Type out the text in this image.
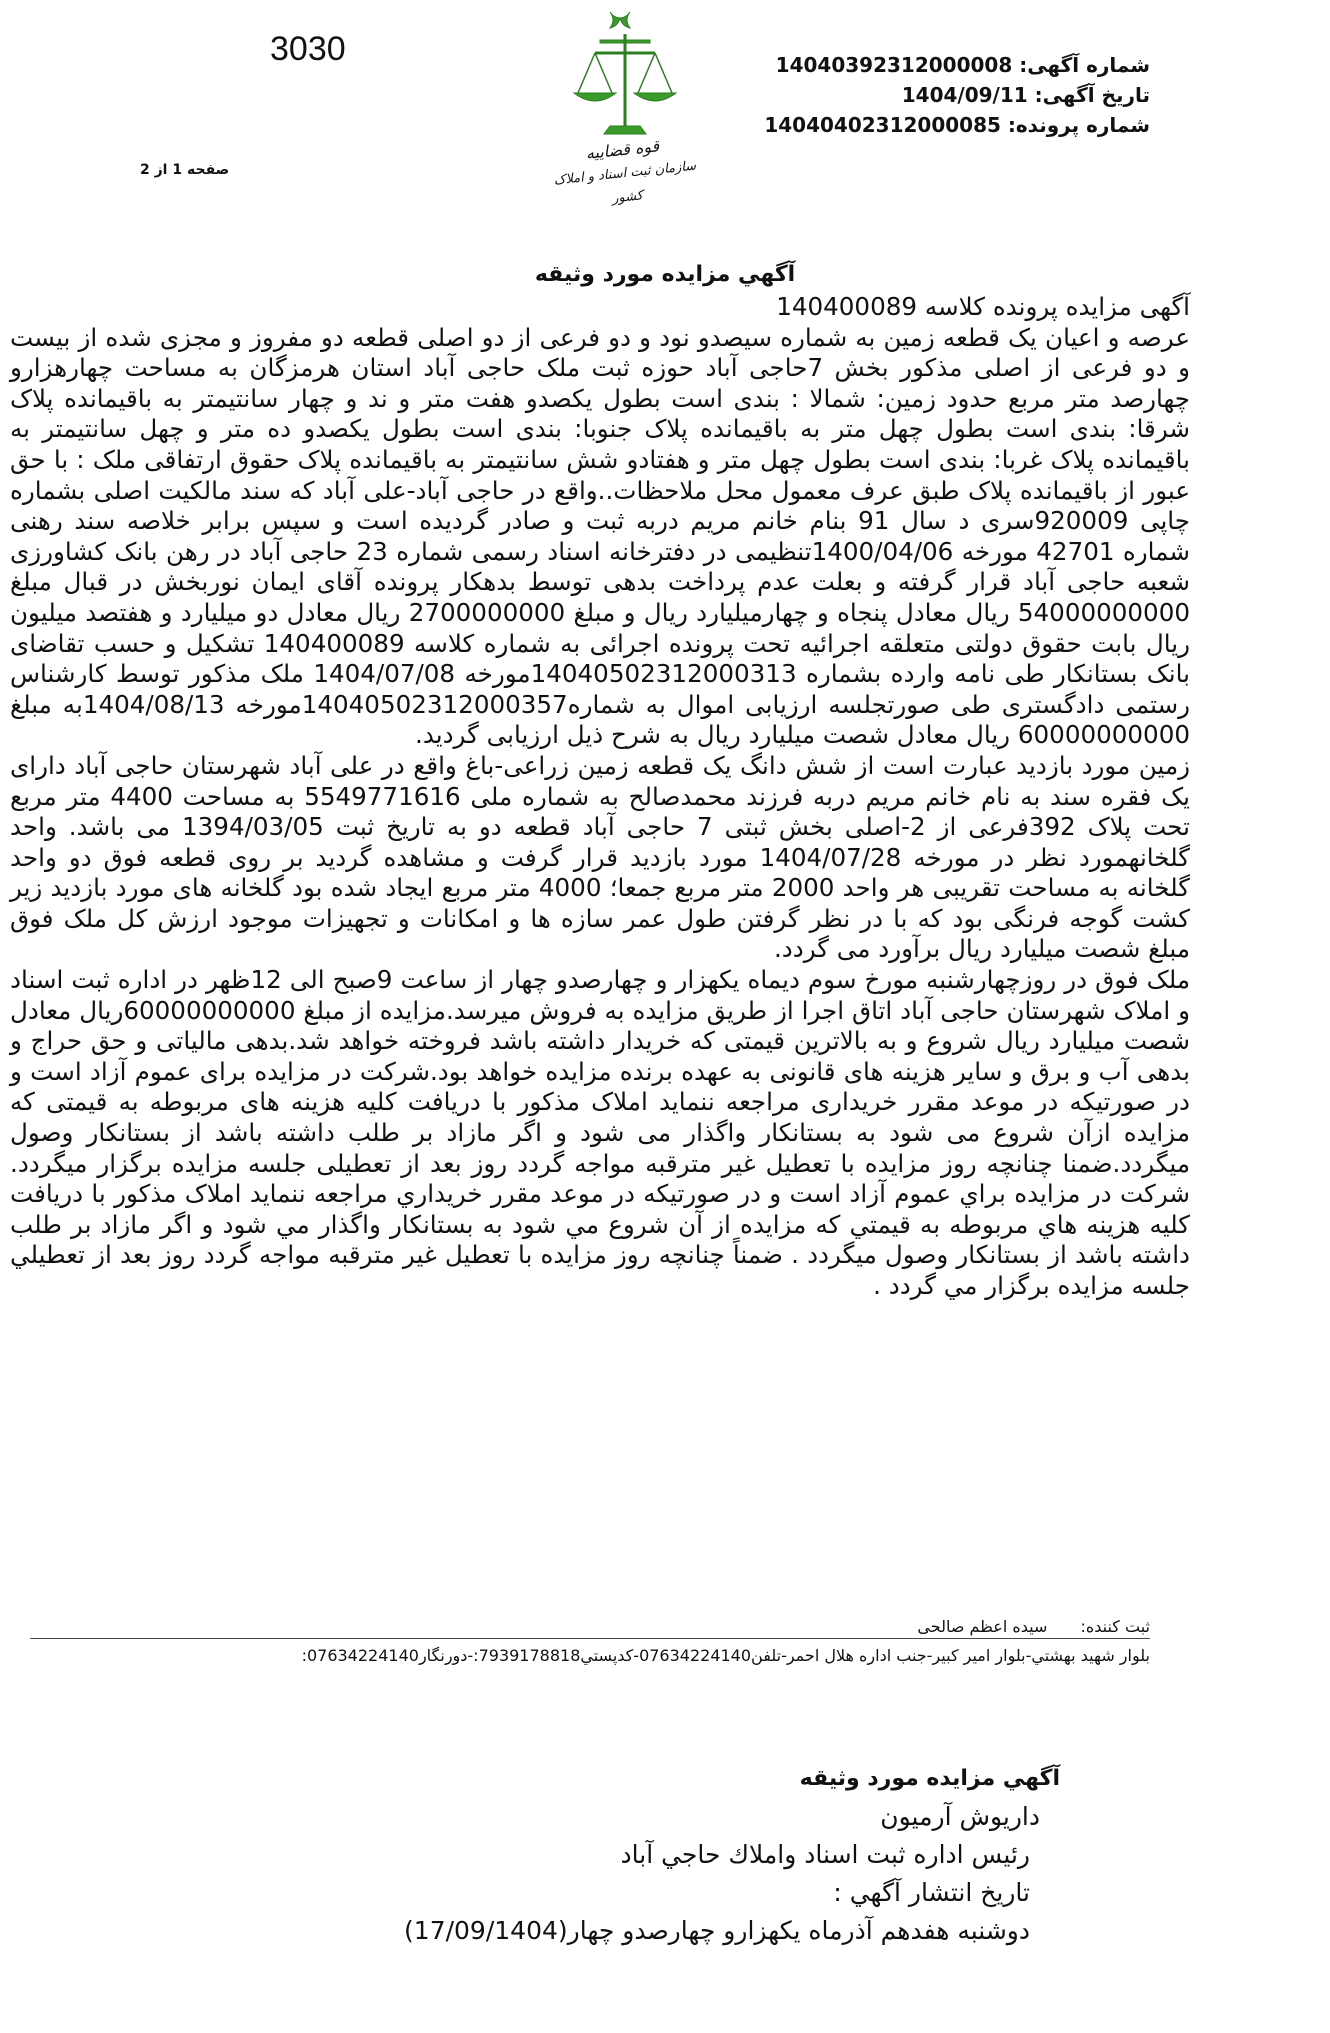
3030
صفحه 1 از 2
قوه قضاییه
سازمان ثبت اسناد و املاک کشور
شماره آگهی: 14040392312000008
تاریخ آگهی: 1404/09/11
شماره پرونده: 14040402312000085
آگهي مزايده مورد وثيقه

آگهی مزایده پرونده کلاسه 140400089

عرصه و اعیان یک قطعه زمین به شماره سیصدو نود و دو فرعی از دو اصلی قطعه دو مفروز و مجزی شده از بیست و دو فرعی از اصلی مذکور بخش 7حاجی آباد حوزه ثبت ملک حاجی آباد استان هرمزگان به مساحت چهارهزارو چهارصد متر مربع حدود زمین: شمالا : بندی است بطول یکصدو هفت متر و ند و چهار سانتیمتر به باقیمانده پلاک شرقا: بندی است بطول چهل متر به باقیمانده پلاک جنوبا: بندی است بطول یکصدو ده متر و چهل سانتیمتر به باقیمانده پلاک غربا: بندی است بطول چهل متر و هفتادو شش سانتیمتر به باقیمانده پلاک حقوق ارتفاقی ملک : با حق عبور از باقیمانده پلاک طبق عرف معمول محل ملاحظات..واقع در حاجی آباد-علی آباد که سند مالکیت اصلی بشماره چاپی 920009سری د سال 91 بنام خانم مریم دربه ثبت و صادر گردیده است و سپس برابر خلاصه سند رهنی شماره 42701 مورخه 1400/04/06تنظیمی در دفترخانه اسناد رسمی شماره 23 حاجی آباد در رهن بانک کشاورزی شعبه حاجی آباد قرار گرفته و بعلت عدم پرداخت بدهی توسط بدهکار پرونده آقای ایمان نوربخش در قبال مبلغ 54000000000 ریال معادل پنجاه و چهارمیلیارد ریال و مبلغ 2700000000 ریال معادل دو میلیارد و هفتصد میلیون ریال بابت حقوق دولتی متعلقه اجرائیه تحت پرونده اجرائی به شماره کلاسه 140400089 تشکیل و حسب تقاضای بانک بستانکار طی نامه وارده بشماره 14040502312000313مورخه 1404/07/08 ملک مذکور توسط کارشناس رستمی دادگستری طی صورتجلسه ارزیابی اموال به شماره14040502312000357مورخه 1404/08/13به مبلغ 60000000000 ریال معادل شصت میلیارد ریال به شرح ذیل ارزیابی گردید.

زمین مورد بازدید عبارت است از شش دانگ یک قطعه زمین زراعی-باغ واقع در علی آباد شهرستان حاجی آباد دارای یک فقره سند به نام خانم مریم دربه فرزند محمدصالح به شماره ملی 5549771616 به مساحت 4400 متر مربع تحت پلاک 392فرعی از 2-اصلی بخش ثبتی 7 حاجی آباد قطعه دو به تاریخ ثبت 1394/03/05 می باشد. واحد گلخانهمورد نظر در مورخه 1404/07/28 مورد بازدید قرار گرفت و مشاهده گردید بر روی قطعه فوق دو واحد گلخانه به مساحت تقریبی هر واحد 2000 متر مربع جمعا؛ 4000 متر مربع ایجاد شده بود گلخانه های مورد بازدید زیر کشت گوجه فرنگی بود که با در نظر گرفتن طول عمر سازه ها و امکانات و تجهیزات موجود ارزش کل ملک فوق مبلغ شصت میلیارد ریال برآورد می گردد.

ملک فوق در روزچهارشنبه مورخ سوم دیماه یکهزار و چهارصدو چهار از ساعت 9صبح الی 12ظهر در اداره ثبت اسناد و املاک شهرستان حاجی آباد اتاق اجرا از طریق مزایده به فروش میرسد.مزایده از مبلغ 60000000000ریال معادل شصت میلیارد ریال شروع و به بالاترین قیمتی که خریدار داشته باشد فروخته خواهد شد.بدهی مالیاتی و حق حراج و بدهی آب و برق و سایر هزینه های قانونی به عهده برنده مزایده خواهد بود.شرکت در مزایده برای عموم آزاد است و در صورتیکه در موعد مقرر خریداری مراجعه ننماید املاک مذکور با دریافت کلیه هزینه های مربوطه به قیمتی که مزایده ازآن شروع می شود به بستانکار واگذار می شود و اگر مازاد بر طلب داشته باشد از بستانکار وصول میگردد.ضمنا چنانچه روز مزایده با تعطیل غیر مترقبه مواجه گردد روز بعد از تعطیلی جلسه مزایده برگزار میگردد. شرکت در مزايده براي عموم آزاد است و در صورتيکه در موعد مقرر خريداري مراجعه ننمايد املاک مذکور با دريافت کليه هزينه هاي مربوطه به قيمتي که مزايده از آن شروع مي شود به بستانکار واگذار مي شود و اگر مازاد بر طلب داشته باشد از بستانکار وصول ميگردد . ضمناً چنانچه روز مزايده با تعطيل غير مترقبه مواجه گردد روز بعد از تعطيلي جلسه مزايده برگزار مي گردد .

ثبت کننده: سیده اعظم صالحی
بلوار شهيد بهشتي-بلوار امير کبير-جنب اداره هلال احمر-تلفن07634224140-کدپستي7939178818:-دورنگار07634224140:
آگهي مزايده مورد وثيقه
داريوش آرميون
رئيس اداره ثبت اسناد واملاك حاجي آباد
تاريخ انتشار آگهي :
دوشنبه هفدهم آذرماه يکهزارو چهارصدو چهار(17/09/1404)
